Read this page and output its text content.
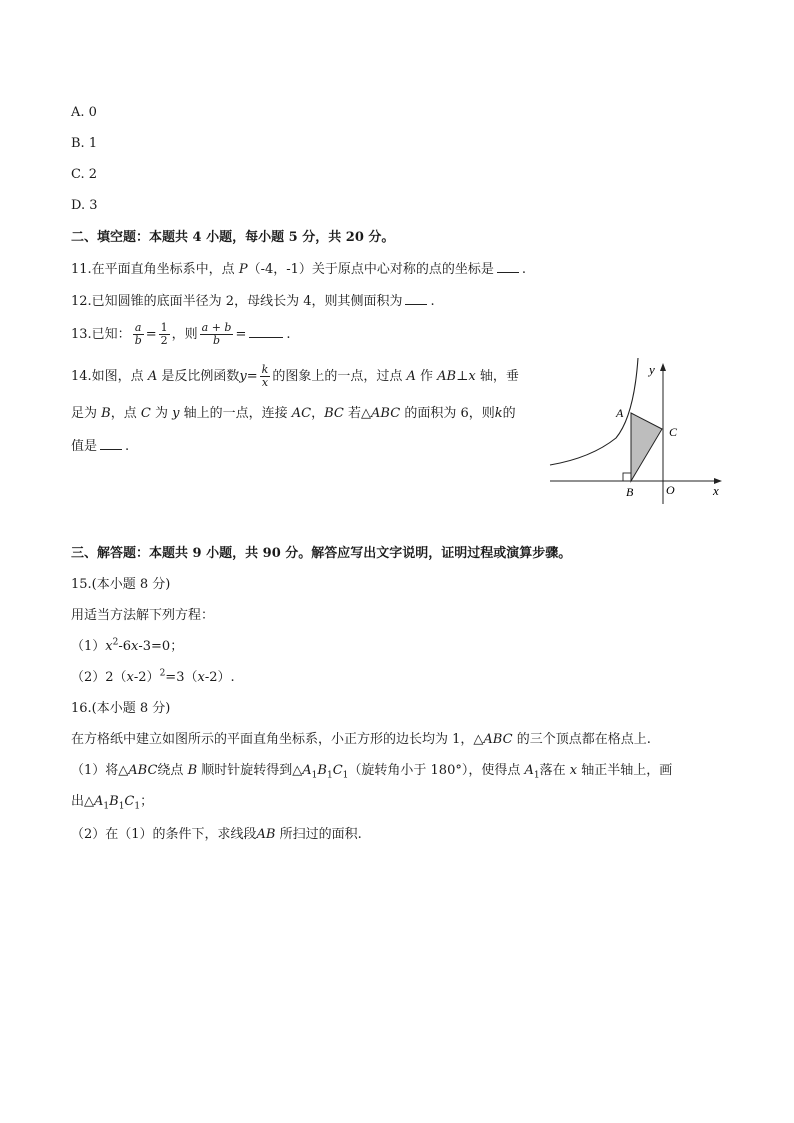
A. 0
B. 1
C. 2
D. 3
二、填空题：本题共 4 小题，每小题 5 分，共 20 分。
11.在平面直角坐标系中，点 P（-4，-1）关于原点中心对称的点的坐标是 .
12.已知圆锥的底面半径为 2，母线长为 4，则其侧面积为 .
13.已知： $\frac{a}{b} = \frac{1}{2}$ ，则 $\frac{a + b}{b}$ =	.
14.如图，点 A 是反比例函数$y= \frac{k}{x}$ 的图象上的一点，过点 A 作 AB⊥x 轴，垂
足为 B，点 C 为 y 轴上的一点，连接 AC，BC 若△ABC 的面积为 6，则k的
值是 .
y
x
A
B
C
O
三、解答题：本题共 9 小题，共 90 分。解答应写出文字说明，证明过程或演算步骤。
15.(本小题 8 分)
用适当方法解下列方程：
$(1)x^2-6x-3=0$；
$(2)2(x-2)^2=3(x-2)$.
16.(本小题 8 分)
在方格纸中建立如图所示的平面直角坐标系，小正方形的边长均为 1，△ABC 的三个顶点都在格点上.
（1）将△ABC绕点 B 顺时针旋转得到$\triangle A_1B_1C_1$（旋转角小于 180°），使得点 $A_1$落在 x 轴正半轴上，画
出$\triangle A_1B_1C_1$；
（2）在（1）的条件下，求线段AB 所扫过的面积.
